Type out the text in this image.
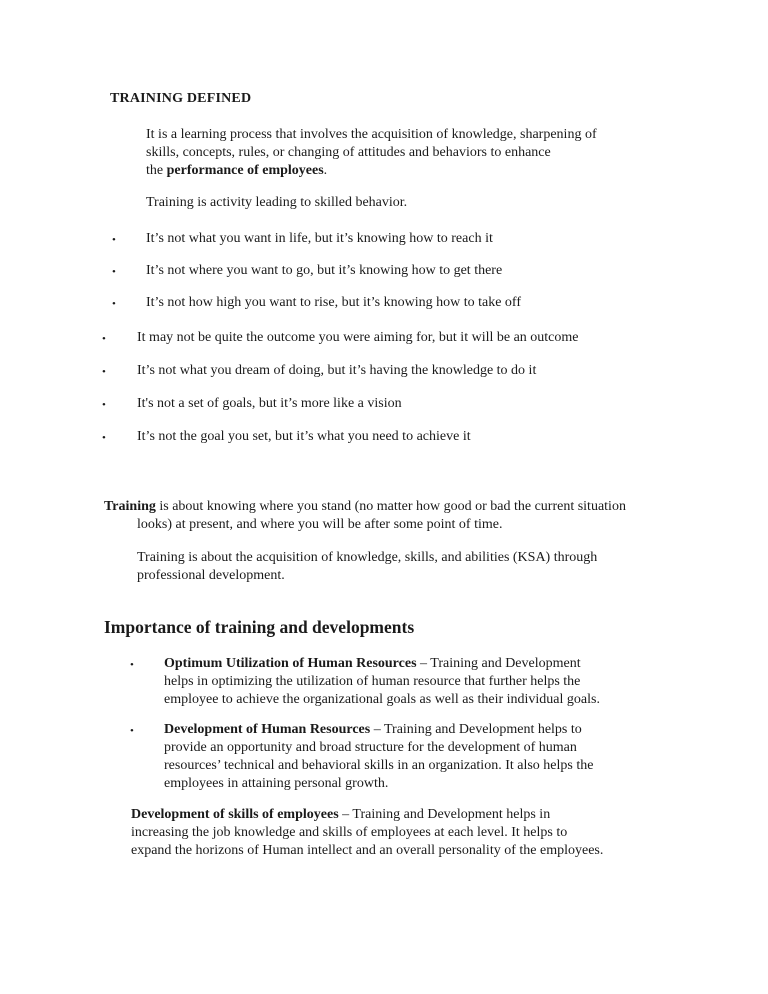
TRAINING DEFINED
It is a learning process that involves the acquisition of knowledge, sharpening of
skills, concepts, rules, or changing of attitudes and behaviors to enhance
the performance of employees.
Training is activity leading to skilled behavior.
• It’s not what you want in life, but it’s knowing how to reach it
• It’s not where you want to go, but it’s knowing how to get there
• It’s not how high you want to rise, but it’s knowing how to take off
• It may not be quite the outcome you were aiming for, but it will be an outcome
• It’s not what you dream of doing, but it’s having the knowledge to do it
• It's not a set of goals, but it’s more like a vision
• It’s not the goal you set, but it’s what you need to achieve it
Training is about knowing where you stand (no matter how good or bad the current situation
looks) at present, and where you will be after some point of time.
Training is about the acquisition of knowledge, skills, and abilities (KSA) through
professional development.
Importance of training and developments
• Optimum Utilization of Human Resources – Training and Development
helps in optimizing the utilization of human resource that further helps the
employee to achieve the organizational goals as well as their individual goals.
• Development of Human Resources – Training and Development helps to
provide an opportunity and broad structure for the development of human
resources’ technical and behavioral skills in an organization. It also helps the
employees in attaining personal growth.
Development of skills of employees – Training and Development helps in
increasing the job knowledge and skills of employees at each level. It helps to
expand the horizons of Human intellect and an overall personality of the employees.
